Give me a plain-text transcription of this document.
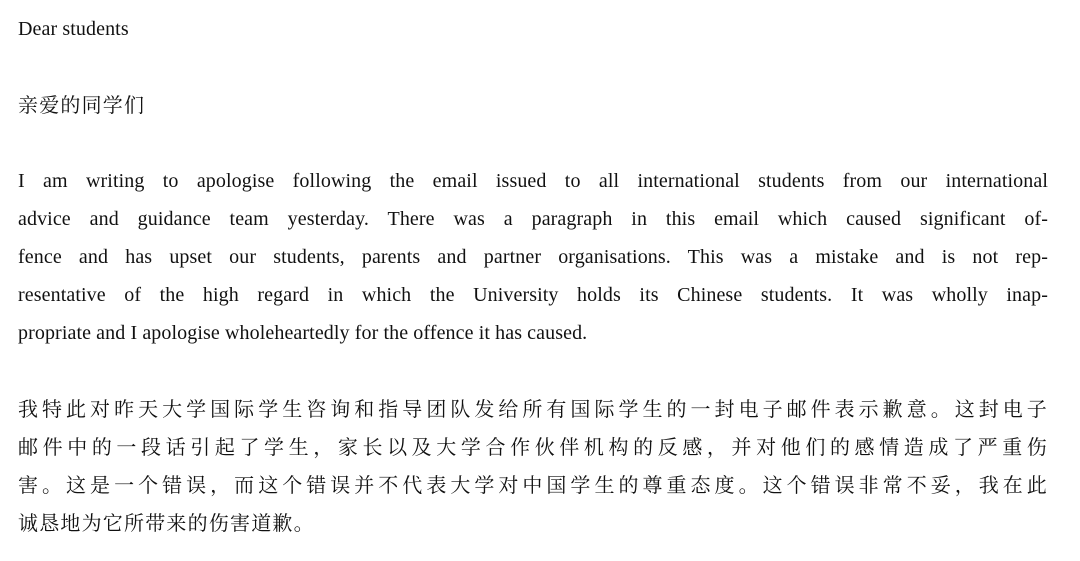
Dear students

亲爱的同学们

I am writing to apologise following the email issued to all international students from our international
advice and guidance team yesterday. There was a paragraph in this email which caused significant of-
fence and has upset our students, parents and partner organisations. This was a mistake and is not rep-
resentative of the high regard in which the University holds its Chinese students. It was wholly inap-
propriate and I apologise wholeheartedly for the offence it has caused.
我特此对昨天大学国际学生咨询和指导团队发给所有国际学生的一封电子邮件表示歉意。这封电子
邮件中的一段话引起了学生，家长以及大学合作伙伴机构的反感，并对他们的感情造成了严重伤
害。这是一个错误，而这个错误并不代表大学对中国学生的尊重态度。这个错误非常不妥，我在此
诚恳地为它所带来的伤害道歉。
